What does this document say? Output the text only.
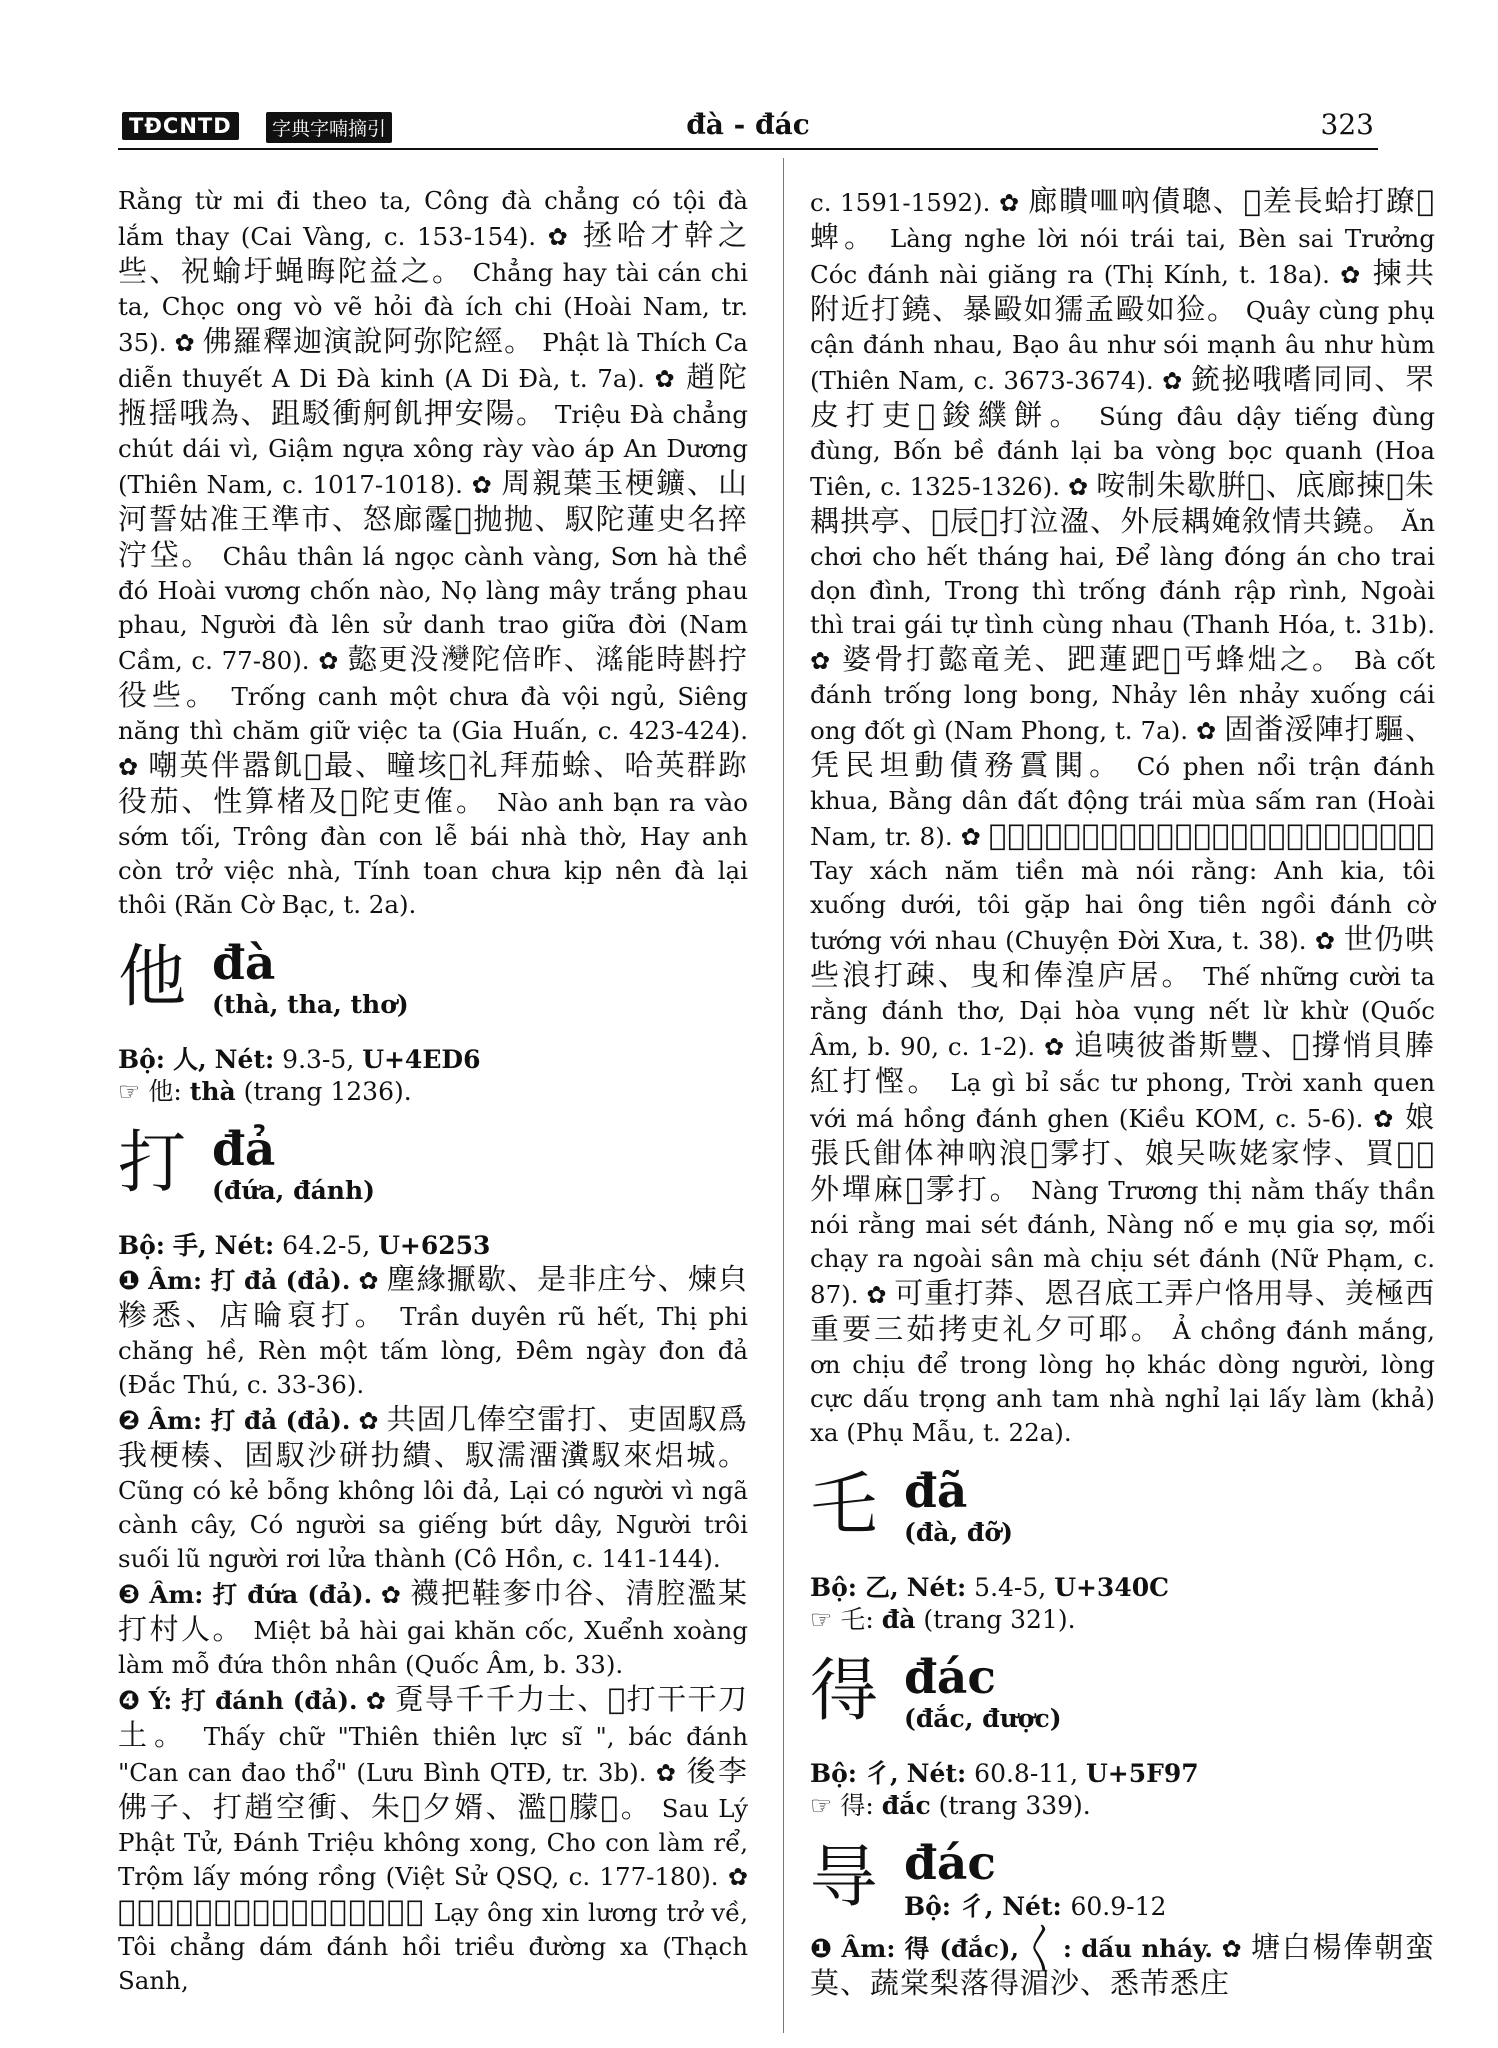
TĐCNTD	字典字喃摘引	đà - đác	323

Rằng từ mi đi theo ta, Công đà chẳng có tội đà lắm thay (Cai Vàng, c. 153-154). ✿ 拯哈才幹之些、祝蝓圩蝇晦陀益之。 Chẳng hay tài cán chi ta, Chọc ong vò vẽ hỏi đà ích chi (Hoài Nam, tr. 35). ✿ 佛羅釋迦演說阿弥陀經。 Phật là Thích Ca diễn thuyết A Di Đà kinh (A Di Đà, t. 7a). ✿ 趙陀揯揺哦為、跙駁衝舸飢押安陽。 Triệu Đà chẳng chút dái vì, Giậm ngựa xông rày vào áp An Dương (Thiên Nam, c. 1017-1018). ✿ 周親葉玉梗鑛、山河誓姑准王準市、怒廊霳𣋽抛抛、馭陀蓮史名捽泞垈。 Châu thân lá ngọc cành vàng, Sơn hà thề đó Hoài vương chốn nào, Nọ làng mây trắng phau phau, Người đà lên sử danh trao giữa đời (Nam Cầm, c. 77-80). ✿ 㦤更没𤅶陀倍昨、𤁓能時斟拧役些。 Trống canh một chưa đà vội ngủ, Siêng năng thì chăm giữ việc ta (Gia Huấn, c. 423-424). ✿ 嘲英伴嚣飢𡀯最、疃垓𥘷礼拜茄蜍、哈英群䟢役茄、性算楮及𩨱陀吏傕。 Nào anh bạn ra vào sớm tối, Trông đàn con lễ bái nhà thờ, Hay anh còn trở việc nhà, Tính toan chưa kịp nên đà lại thôi (Răn Cờ Bạc, t. 2a).

他 đà
(thà, tha, thơ)
Bộ: 人, Nét: 9.3-5, U+4ED6
☞ 他: thà (trang 1236).
打 đả
(đứa, đánh)
Bộ: 手, Nét: 64.2-5, U+6253

❶ Âm: 打 đả (đả). ✿ 塵緣擫歇、是非庄兮、煉㒵糁悉、店㫻裒打。 Trần duyên rũ hết, Thị phi chăng hề, Rèn một tấm lòng, Đêm ngày đon đả (Đắc Thú, c. 33-36).

❷ Âm: 打 đả (đả). ✿ 共固几俸空雷打、吏固馭爲我梗楱、固馭沙硑扐繢、馭濡澑瀵馭來焒城。 Cũng có kẻ bỗng không lôi đả, Lại có người vì ngã cành cây, Có người sa giếng bứt dây, Người trôi suối lũ người rơi lửa thành (Cô Hồn, c. 141-144).

❸ Âm: 打 đứa (đả). ✿ 襪把鞋奓巾谷、清腔濫某打村人。 Miệt bả hài gai khăn cốc, Xuểnh xoàng làm mỗ đứa thôn nhân (Quốc Âm, b. 33).

❹ Ý: 打 đánh (đả). ✿ 覔㝵千千力士、𢷀打干干刀土。 Thấy chữ "Thiên thiên lực sĩ ", bác đánh "Can can đao thổ" (Lưu Bình QTĐ, tr. 3b). ✿ 後李佛子、打趙空衝、朱𥘷夕婿、濫𥚄朦𧎜。 Sau Lý Phật Tử, Đánh Triệu không xong, Cho con làm rể, Trộm lấy móng rồng (Việt Sử QSQ, c. 177-180). ✿ 𥚄㝵嗔糧阻衛、碎庄监打回朝唐賒。 Lạy ông xin lương trở về, Tôi chẳng dám đánh hồi triều đường xa (Thạch Sanh,

c. 1591-1592). ✿ 廊瞶𠰘吶債聰、𤽗差長蛤打蹽𦀊蜱。 Làng nghe lời nói trái tai, Bèn sai Trưởng Cóc đánh nài giăng ra (Thị Kính, t. 18a). ✿ 揀共附近打鐃、暴毆如獳孟毆如猃。 Quây cùng phụ cận đánh nhau, Bạo âu như sói mạnh âu như hùm (Thiên Nam, c. 3673-3674). ✿ 銃㧙哦嗜同同、罘皮打吏𢬣鋑纀餅。 Súng đâu dậy tiếng đùng đùng, Bốn bề đánh lại ba vòng bọc quanh (Hoa Tiên, c. 1325-1326). ✿ 咹制朱歇腁𠆳、底廊捒𥂵朱耦拱亭、𨉟辰𠖈打泣溋、外辰耦㛪敘情共鐃。 Ăn chơi cho hết tháng hai, Để làng đóng án cho trai dọn đình, Trong thì trống đánh rập rình, Ngoài thì trai gái tự tình cùng nhau (Thanh Hóa, t. 31b). ✿ 婆骨打㦤竜羌、跁蓮跁𨁫丐蜂炪之。 Bà cốt đánh trống long bong, Nhảy lên nhảy xuống cái ong đốt gì (Nam Phong, t. 7a). ✿ 固畨浽陣打驅、凭民坦動債務霣閧。 Có phen nổi trận đánh khua, Bằng dân đất động trái mùa sấm ran (Hoài Nam, tr. 8). ✿ 𢬣挄䊷錢麻吶浪嬰箕碎𡬈罸碎及𠆳翁仙坐打棋將貝鐃。 Tay xách năm tiền mà nói rằng: Anh kia, tôi xuống dưới, tôi gặp hai ông tiên ngồi đánh cờ tướng với nhau (Chuyện Đời Xưa, t. 38). ✿ 世仍哄些浪打疎、曳和俸湟庐居。 Thế những cười ta rằng đánh thơ, Dại hòa vụng nết lừ khừ (Quốc Âm, b. 90, c. 1-2). ✿ 追咦彼畨斯豐、𡗶撐悄貝䏾紅打慳。 Lạ gì bỉ sắc tư phong, Trời xanh quen với má hồng đánh ghen (Kiều KOM, c. 5-6). ✿ 娘張氏𩚵体神吶浪𥘷雺打、娘㕦咴姥家悖、買𧼋𨇜外墠麻𢚸雺打。 Nàng Trương thị nằm thấy thần nói rằng mai sét đánh, Nàng nố e mụ gia sợ, mối chạy ra ngoài sân mà chịu sét đánh (Nữ Phạm, c. 87). ✿ 可重打莽、恩召底工弄户恪用㝵、羙極西重要三茹拷吏礼夕可耶。 Ả chồng đánh mắng, ơn chịu để trong lòng họ khác dòng người, lòng cực dấu trọng anh tam nhà nghỉ lại lấy làm (khả) xa (Phụ Mẫu, t. 22a).

乇 đã
(đà, đỡ)
Bộ: 乙, Nét: 5.4-5, U+340C
☞ 乇: đà (trang 321).
得 đác
(đắc, được)
Bộ: 彳, Nét: 60.8-11, U+5F97
☞ 得: đắc (trang 339).
㝵 đác
Bộ: 彳, Nét: 60.9-12

❶ Âm: 得 (đắc), 〱 : dấu nháy. ✿ 塘白楊俸朝蛮莫、蔬棠梨落得湄沙、悉芾悉庄
